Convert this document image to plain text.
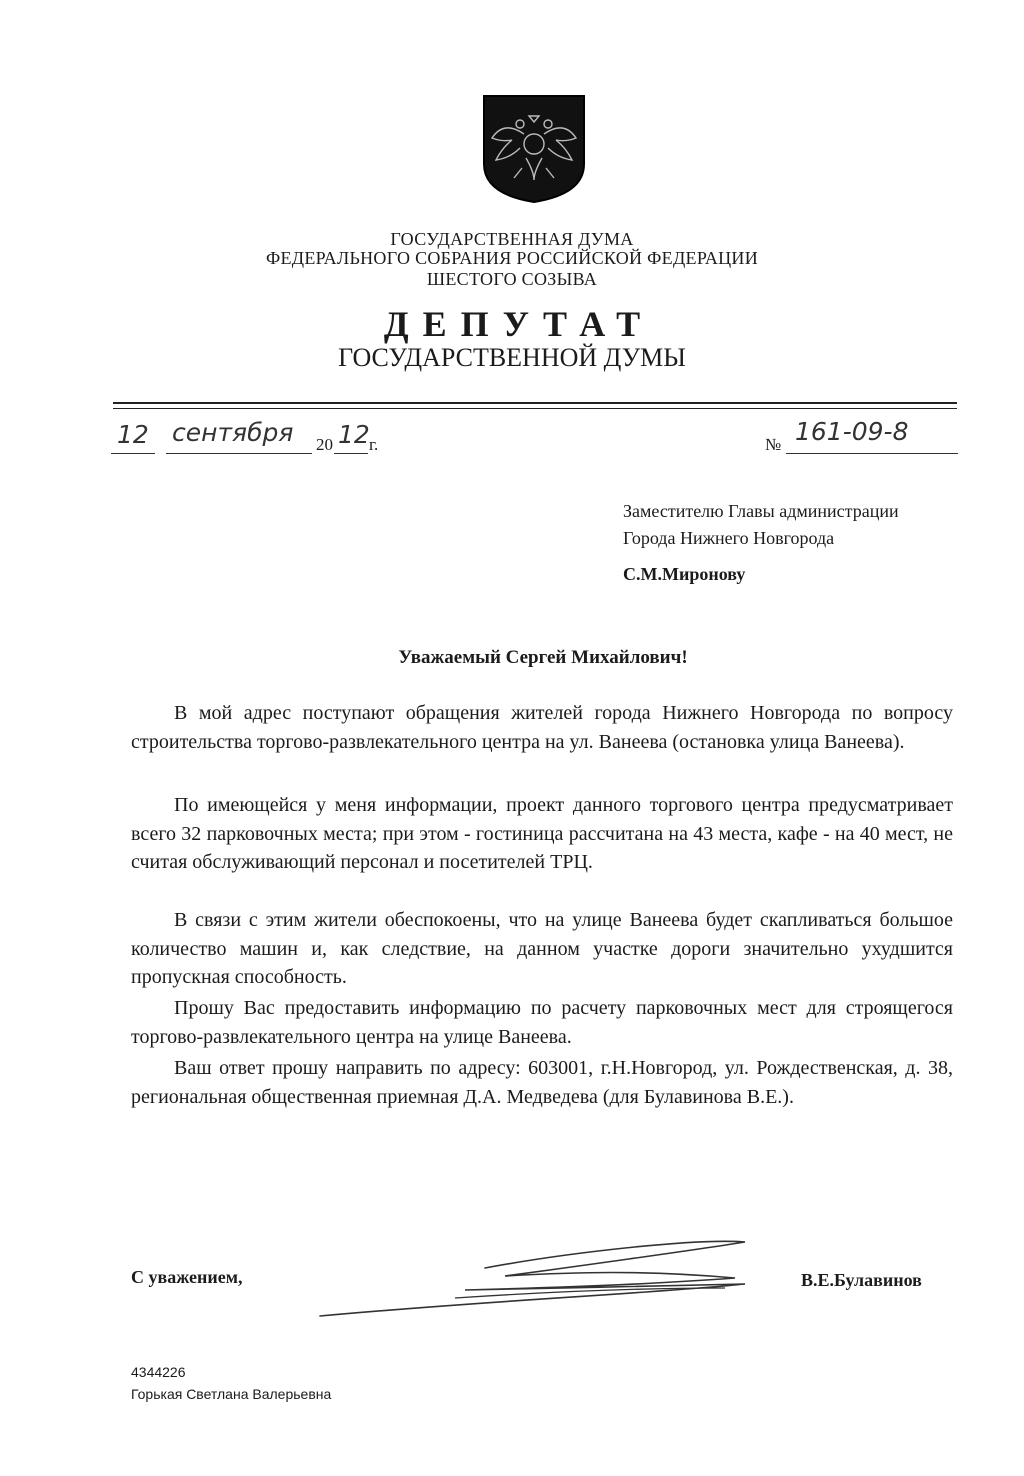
ГОСУДАРСТВЕННАЯ ДУМА
ФЕДЕРАЛЬНОГО СОБРАНИЯ РОССИЙСКОЙ ФЕДЕРАЦИИ
ШЕСТОГО СОЗЫВА
ДЕПУТАТ
ГОСУДАРСТВЕННОЙ ДУМЫ
12 сентября 20 12 г.	№ 161-09-8
Заместителю Главы администрации
Города Нижнего Новгорода
С.М.Миронову
Уважаемый Сергей Михайлович!

В мой адрес поступают обращения жителей города Нижнего Новгорода по вопросу строительства торгово-развлекательного центра на ул. Ванеева (остановка улица Ванеева).

По имеющейся у меня информации, проект данного торгового центра предусматривает всего 32 парковочных места; при этом - гостиница рассчитана на 43 места, кафе - на 40 мест, не считая обслуживающий персонал и посетителей ТРЦ.

В связи с этим жители обеспокоены, что на улице Ванеева будет скапливаться большое количество машин и, как следствие, на данном участке дороги значительно ухудшится пропускная способность.

Прошу Вас предоставить информацию по расчету парковочных мест для строящегося торгово-развлекательного центра на улице Ванеева.

Ваш ответ прошу направить по адресу: 603001, г.Н.Новгород, ул. Рождественская, д. 38, региональная общественная приемная Д.А. Медведева (для Булавинова В.Е.).

С уважением,	В.Е.Булавинов
4344226
Горькая Светлана Валерьевна
